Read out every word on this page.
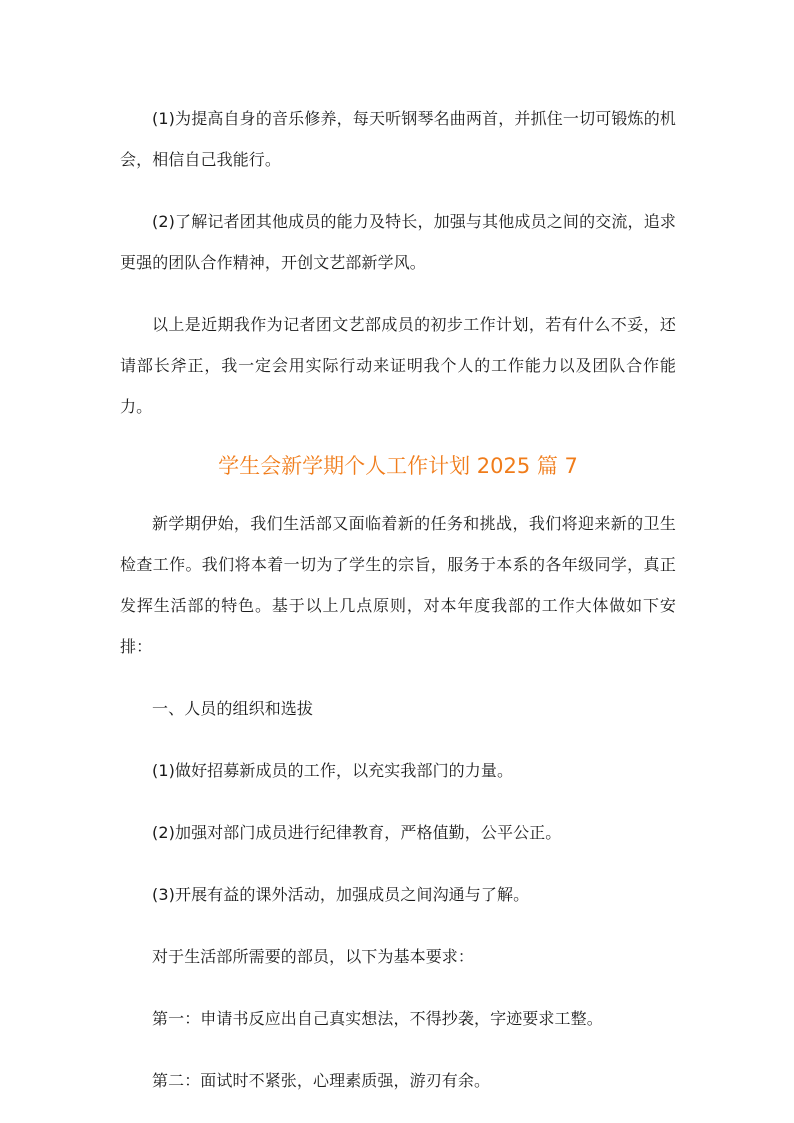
(1)为提高自身的音乐修养，每天听钢琴名曲两首，并抓住一切可锻炼的机会，相信自己我能行。

(2)了解记者团其他成员的能力及特长，加强与其他成员之间的交流，追求更强的团队合作精神，开创文艺部新学风。

以上是近期我作为记者团文艺部成员的初步工作计划，若有什么不妥，还请部长斧正，我一定会用实际行动来证明我个人的工作能力以及团队合作能力。

学生会新学期个人工作计划 2025 篇 7

新学期伊始，我们生活部又面临着新的任务和挑战，我们将迎来新的卫生检查工作。我们将本着一切为了学生的宗旨，服务于本系的各年级同学，真正发挥生活部的特色。基于以上几点原则，对本年度我部的工作大体做如下安排：

一、人员的组织和选拔

(1)做好招募新成员的工作，以充实我部门的力量。

(2)加强对部门成员进行纪律教育，严格值勤，公平公正。

(3)开展有益的课外活动，加强成员之间沟通与了解。

对于生活部所需要的部员，以下为基本要求：

第一：申请书反应出自己真实想法，不得抄袭，字迹要求工整。

第二：面试时不紧张，心理素质强，游刃有余。
